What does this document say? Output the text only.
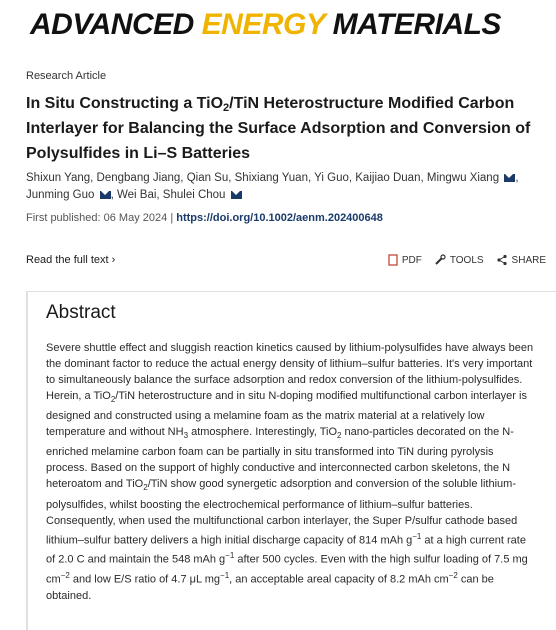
ADVANCED ENERGY MATERIALS
Research Article
In Situ Constructing a TiO$_2$/TiN Heterostructure Modified Carbon Interlayer for Balancing the Surface Adsorption and Conversion of Polysulfides in Li–S Batteries
Shixun Yang, Dengbang Jiang, Qian Su, Shixiang Yuan, Yi Guo, Kaijiao Duan, Mingwu Xiang ,
Junming Guo , Wei Bai, Shulei Chou
First published: 06 May 2024 | https://doi.org/10.1002/aenm.202400648
Read the full text ›	PDF	TOOLS	SHARE
Abstract
Severe shuttle effect and sluggish reaction kinetics caused by lithium-polysulfides have always been the dominant factor to reduce the actual energy density of lithium–sulfur batteries. It's very important to simultaneously balance the surface adsorption and redox conversion of the lithium-polysulfides. Herein, a TiO$_2$/TiN heterostructure and in situ N-doping modified multifunctional carbon interlayer is designed and constructed using a melamine foam as the matrix material at a relatively low temperature and without $NH_3$ atmosphere. Interestingly, TiO$_2$ nano-particles decorated on the N-enriched melamine carbon foam can be partially in situ transformed into TiN during pyrolysis process. Based on the support of highly conductive and interconnected carbon skeletons, the N heteroatom and TiO$_2$/TiN show good synergetic adsorption and conversion of the soluble lithium-polysulfides, whilst boosting the electrochemical performance of lithium–sulfur batteries. Consequently, when used the multifunctional carbon interlayer, the Super P/sulfur cathode based lithium–sulfur battery delivers a high initial discharge capacity of 814 mAh $g^{-1}$ at a high current rate of 2.0 C and maintain the 548 mAh $g^{-1}$ after 500 cycles. Even with the high sulfur loading of 7.5 mg $cm^{-2}$ and low E/S ratio of 4.7 μL $mg^{-1}$, an acceptable areal capacity of 8.2 mAh $cm^{-2}$ can be obtained.
